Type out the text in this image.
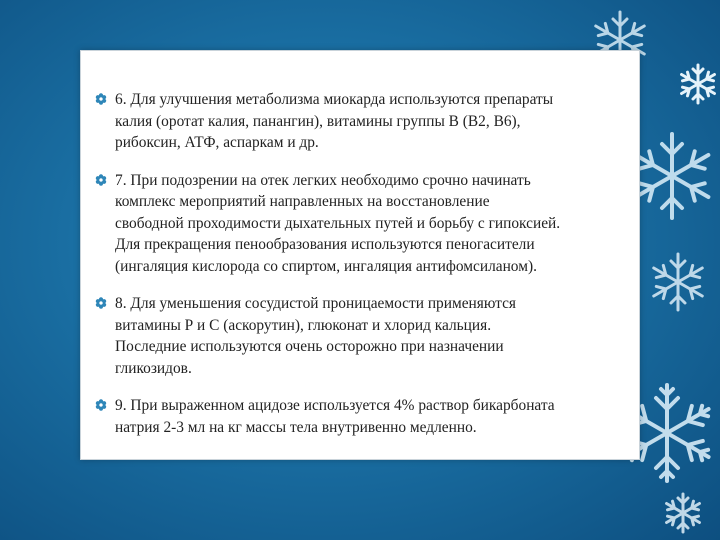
6. Для улучшения метаболизма миокарда используются препараты
калия (оротат калия, панангин), витамины группы В (В2, В6),
рибоксин, АТФ, аспаркам и др.
7. При подозрении на отек легких необходимо срочно начинать
комплекс мероприятий направленных на восстановление
свободной проходимости дыхательных путей и борьбу с гипоксией.
Для прекращения пенообразования используются пеногасители
(ингаляция кислорода со спиртом, ингаляция антифомсиланом).
8. Для уменьшения сосудистой проницаемости применяются
витамины Р и С (аскорутин), глюконат и хлорид кальция.
Последние используются очень осторожно при назначении
гликозидов.
9. При выраженном ацидозе используется 4% раствор бикарбоната
натрия 2-3 мл на кг массы тела внутривенно медленно.
